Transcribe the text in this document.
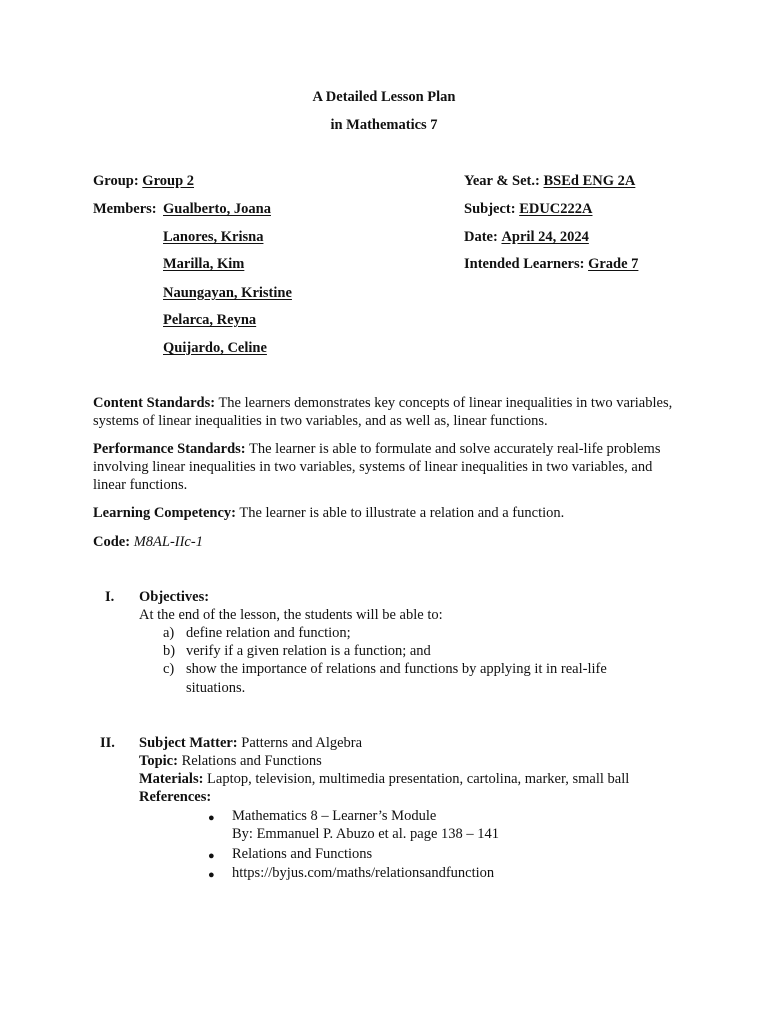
A Detailed Lesson Plan
in Mathematics 7
Group: Group 2
Members: Gualberto, Joana
Lanores, Krisna
Marilla, Kim
Naungayan, Kristine
Pelarca, Reyna
Quijardo, Celine
Year & Set.: BSEd ENG 2A
Subject: EDUC222A
Date: April 24, 2024
Intended Learners: Grade 7

Content Standards: The learners demonstrates key concepts of linear inequalities in two variables, systems of linear inequalities in two variables, and as well as, linear functions.

Performance Standards: The learner is able to formulate and solve accurately real-life problems involving linear inequalities in two variables, systems of linear inequalities in two variables, and linear functions.

Learning Competency: The learner is able to illustrate a relation and a function.

Code: M8AL-IIc-1
I. Objectives:
At the end of the lesson, the students will be able to:
a) define relation and function;
b) verify if a given relation is a function; and
c) show the importance of relations and functions by applying it in real-life
situations.
II. Subject Matter: Patterns and Algebra
Topic: Relations and Functions
Materials: Laptop, television, multimedia presentation, cartolina, marker, small ball
References:
● Mathematics 8 – Learner’s Module
By: Emmanuel P. Abuzo et al. page 138 – 141
● Relations and Functions
● https://byjus.com/maths/relationsandfunction
